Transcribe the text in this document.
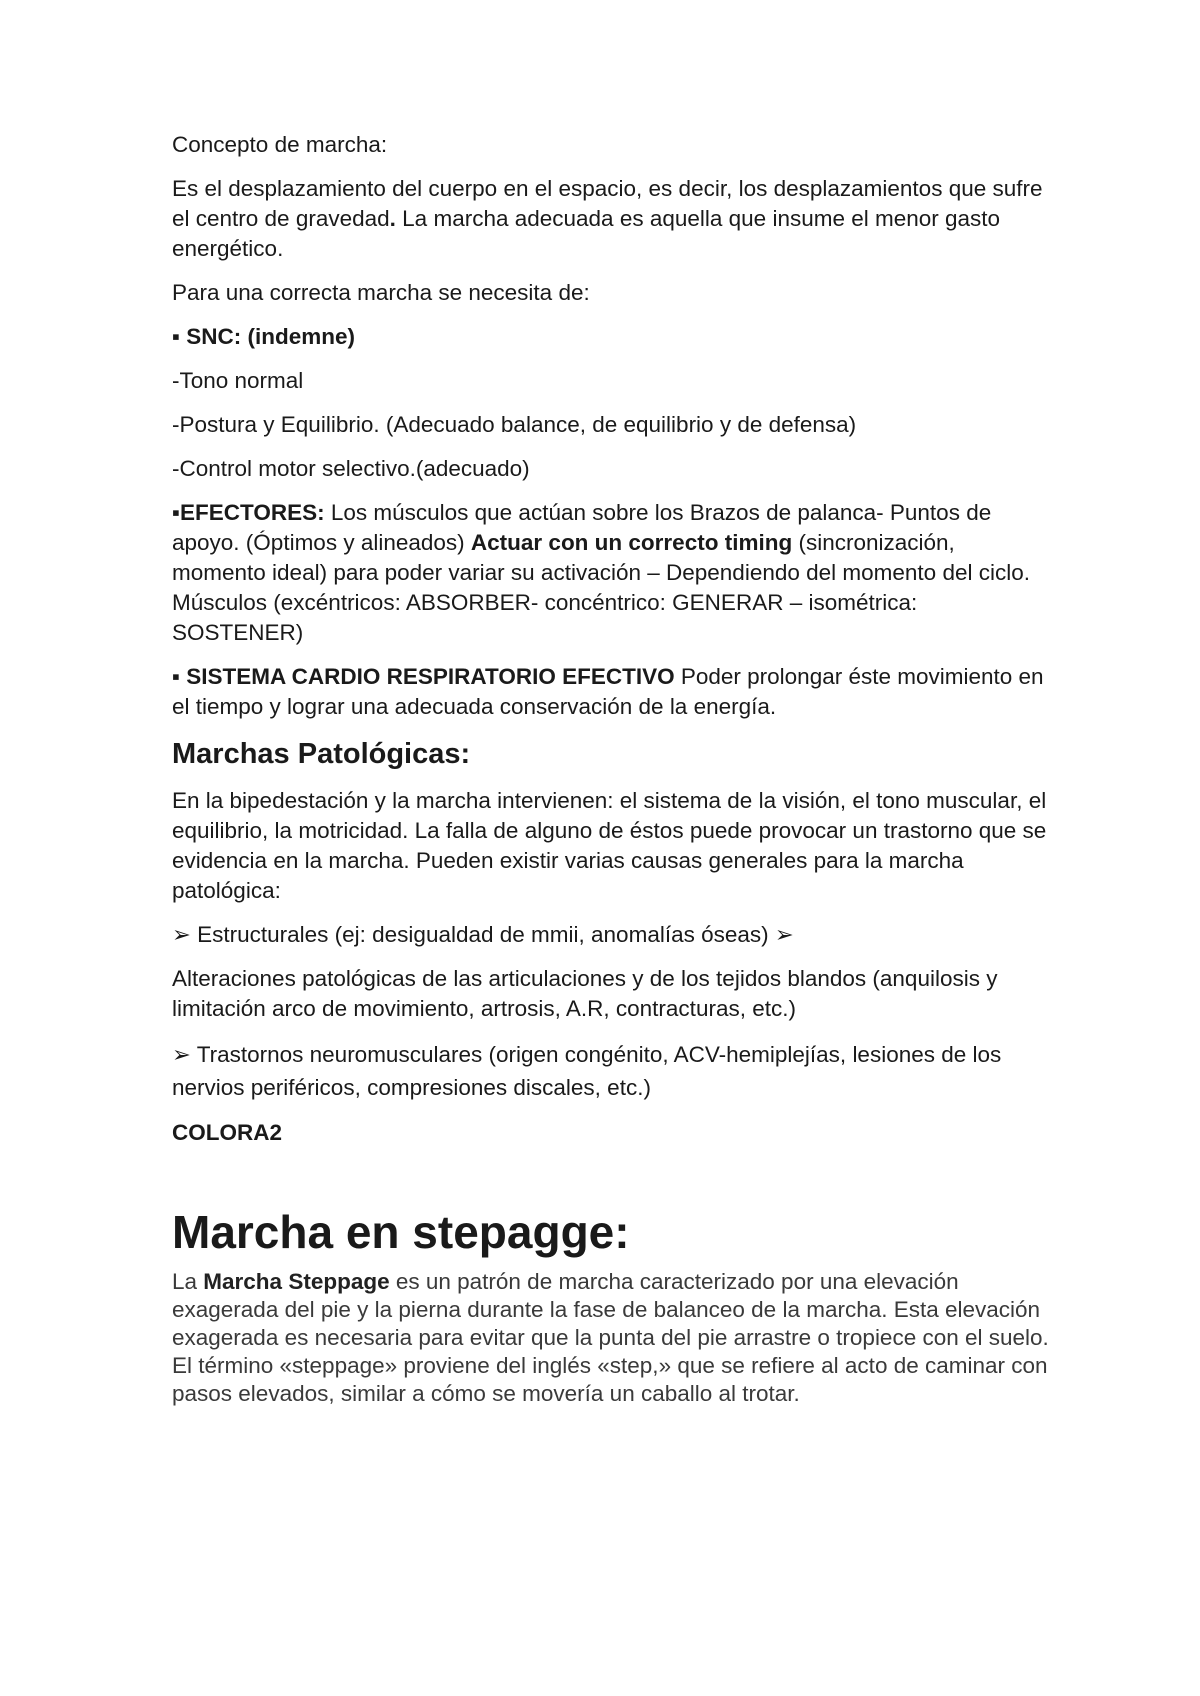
Concepto de marcha:

Es el desplazamiento del cuerpo en el espacio, es decir, los desplazamientos que sufre el centro de gravedad. La marcha adecuada es aquella que insume el menor gasto energético.

Para una correcta marcha se necesita de:

▪ SNC: (indemne)

-Tono normal

-Postura y Equilibrio. (Adecuado balance, de equilibrio y de defensa)

-Control motor selectivo.(adecuado)

▪EFECTORES: Los músculos que actúan sobre los Brazos de palanca- Puntos de apoyo. (Óptimos y alineados) Actuar con un correcto timing (sincronización, momento ideal) para poder variar su activación – Dependiendo del momento del ciclo. Músculos (excéntricos: ABSORBER- concéntrico: GENERAR – isométrica: SOSTENER)

▪ SISTEMA CARDIO RESPIRATORIO EFECTIVO Poder prolongar éste movimiento en el tiempo y lograr una adecuada conservación de la energía.

Marchas Patológicas:

En la bipedestación y la marcha intervienen: el sistema de la visión, el tono muscular, el equilibrio, la motricidad. La falla de alguno de éstos puede provocar un trastorno que se evidencia en la marcha. Pueden existir varias causas generales para la marcha patológica:

➢ Estructurales (ej: desigualdad de mmii, anomalías óseas) ➢

Alteraciones patológicas de las articulaciones y de los tejidos blandos (anquilosis y limitación arco de movimiento, artrosis, A.R, contracturas, etc.)

➢ Trastornos neuromusculares (origen congénito, ACV-hemiplejías, lesiones de los nervios periféricos, compresiones discales, etc.)

COLORA2

Marcha en stepagge:

La Marcha Steppage es un patrón de marcha caracterizado por una elevación exagerada del pie y la pierna durante la fase de balanceo de la marcha. Esta elevación exagerada es necesaria para evitar que la punta del pie arrastre o tropiece con el suelo. El término «steppage» proviene del inglés «step,» que se refiere al acto de caminar con pasos elevados, similar a cómo se movería un caballo al trotar.
